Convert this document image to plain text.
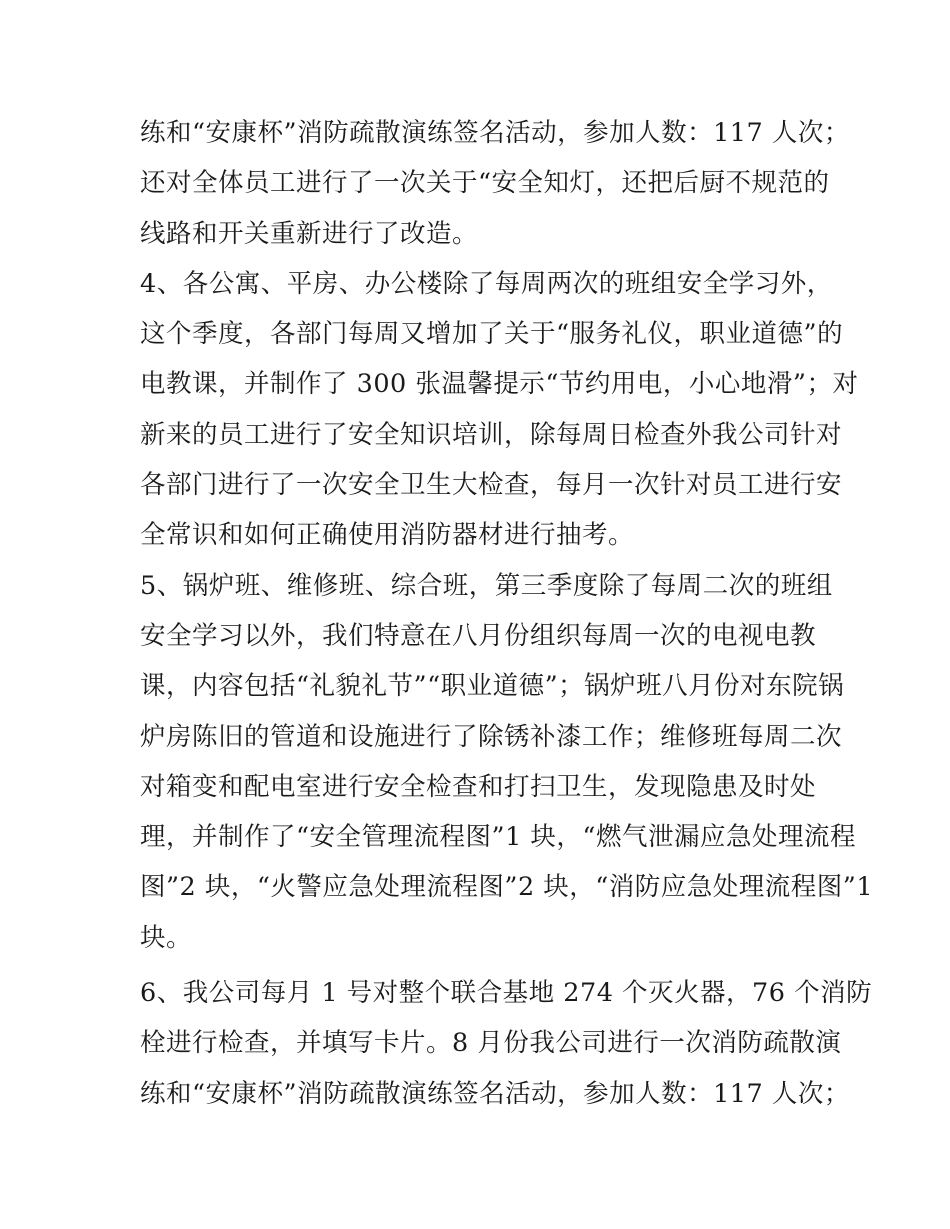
练和“安康杯”消防疏散演练签名活动，参加人数：117 人次；
还对全体员工进行了一次关于“安全知灯，还把后厨不规范的
线路和开关重新进行了改造。
4、各公寓、平房、办公楼除了每周两次的班组安全学习外，
这个季度，各部门每周又增加了关于“服务礼仪，职业道德”的
电教课，并制作了 300 张温馨提示“节约用电，小心地滑”；对
新来的员工进行了安全知识培训，除每周日检查外我公司针对
各部门进行了一次安全卫生大检查，每月一次针对员工进行安
全常识和如何正确使用消防器材进行抽考。
5、锅炉班、维修班、综合班，第三季度除了每周二次的班组
安全学习以外，我们特意在八月份组织每周一次的电视电教
课，内容包括“礼貌礼节”“职业道德”；锅炉班八月份对东院锅
炉房陈旧的管道和设施进行了除锈补漆工作；维修班每周二次
对箱变和配电室进行安全检查和打扫卫生，发现隐患及时处
理，并制作了“安全管理流程图”1 块，“燃气泄漏应急处理流程
图”2 块，“火警应急处理流程图”2 块，“消防应急处理流程图”1
块。
6、我公司每月 1 号对整个联合基地 274 个灭火器，76 个消防
栓进行检查，并填写卡片。8 月份我公司进行一次消防疏散演
练和“安康杯”消防疏散演练签名活动，参加人数：117 人次；
